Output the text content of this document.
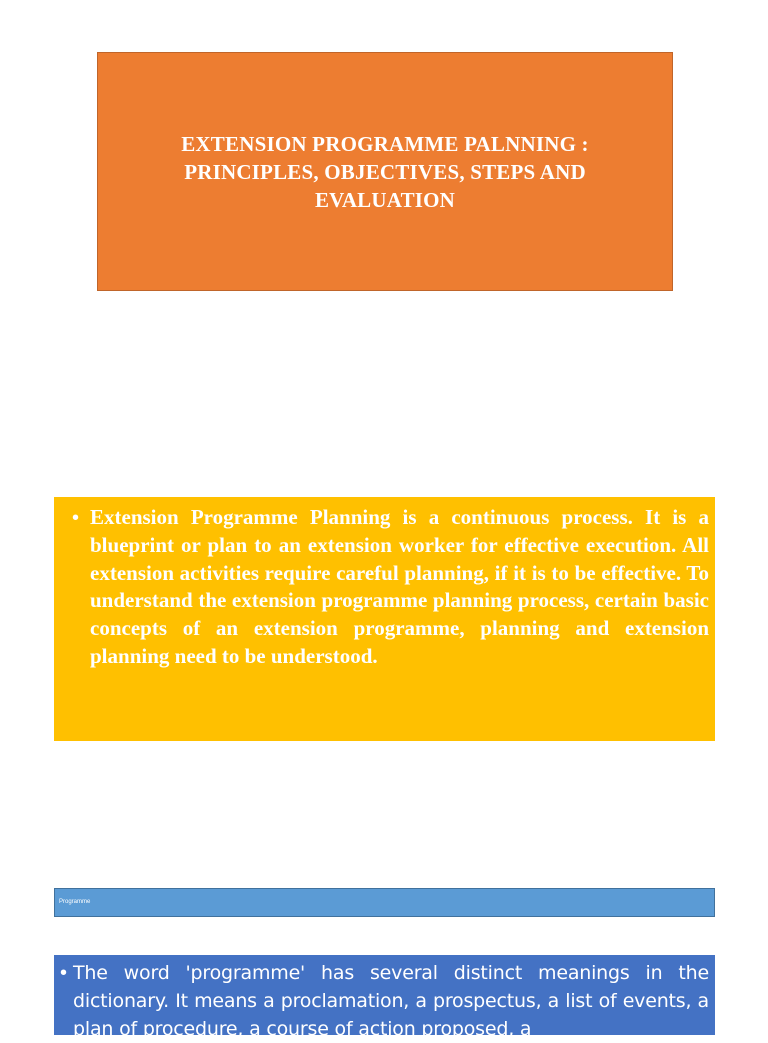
EXTENSION PROGRAMME PALNNING : PRINCIPLES, OBJECTIVES, STEPS AND EVALUATION
• Extension Programme Planning is a continuous process. It is a blueprint or plan to an extension worker for effective execution. All extension activities require careful planning, if it is to be effective. To understand the extension programme planning process, certain basic concepts of an extension programme, planning and extension planning need to be understood.

Programme
• The word 'programme' has several distinct meanings in the dictionary. It means a proclamation, a prospectus, a list of events, a plan of procedure, a course of action proposed, a
